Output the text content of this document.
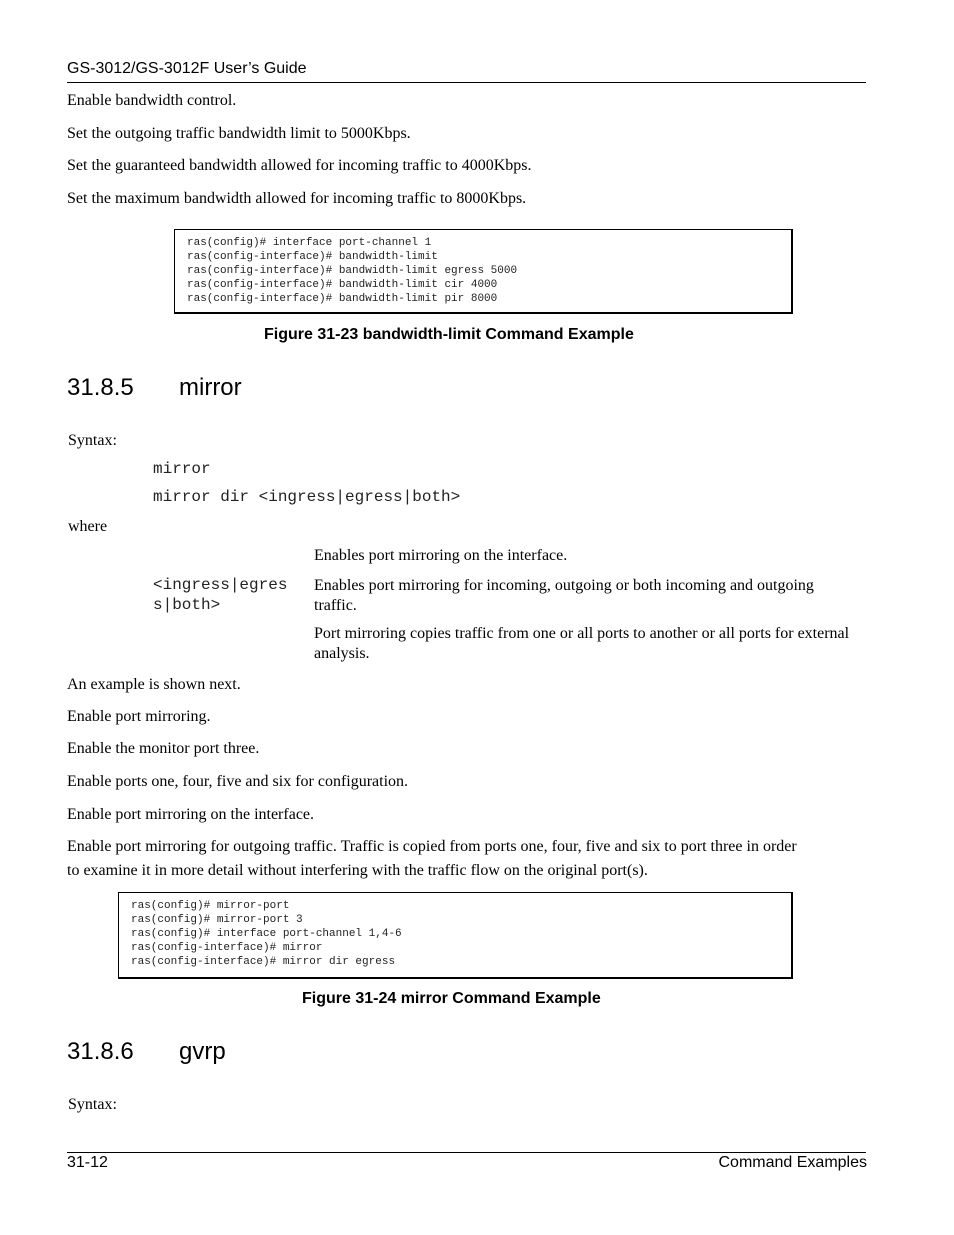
GS-3012/GS-3012F User’s Guide
Enable bandwidth control.
Set the outgoing traffic bandwidth limit to 5000Kbps.
Set the guaranteed bandwidth allowed for incoming traffic to 4000Kbps.
Set the maximum bandwidth allowed for incoming traffic to 8000Kbps.
ras(config)# interface port-channel 1
ras(config-interface)# bandwidth-limit
ras(config-interface)# bandwidth-limit egress 5000
ras(config-interface)# bandwidth-limit cir 4000
ras(config-interface)# bandwidth-limit pir 8000
Figure 31-23 bandwidth-limit Command Example
31.8.5 mirror
Syntax:
mirror
mirror dir <ingress|egress|both>
where
Enables port mirroring on the interface.
<ingress|egres
s|both>
Enables port mirroring for incoming, outgoing or both incoming and outgoing traffic.
Port mirroring copies traffic from one or all ports to another or all ports for external analysis.
An example is shown next.
Enable port mirroring.
Enable the monitor port three.
Enable ports one, four, five and six for configuration.
Enable port mirroring on the interface.
Enable port mirroring for outgoing traffic. Traffic is copied from ports one, four, five and six to port three in order
to examine it in more detail without interfering with the traffic flow on the original port(s).
ras(config)# mirror-port
ras(config)# mirror-port 3
ras(config)# interface port-channel 1,4-6
ras(config-interface)# mirror
ras(config-interface)# mirror dir egress
Figure 31-24 mirror Command Example
31.8.6 gvrp
Syntax:
31-12	Command Examples
